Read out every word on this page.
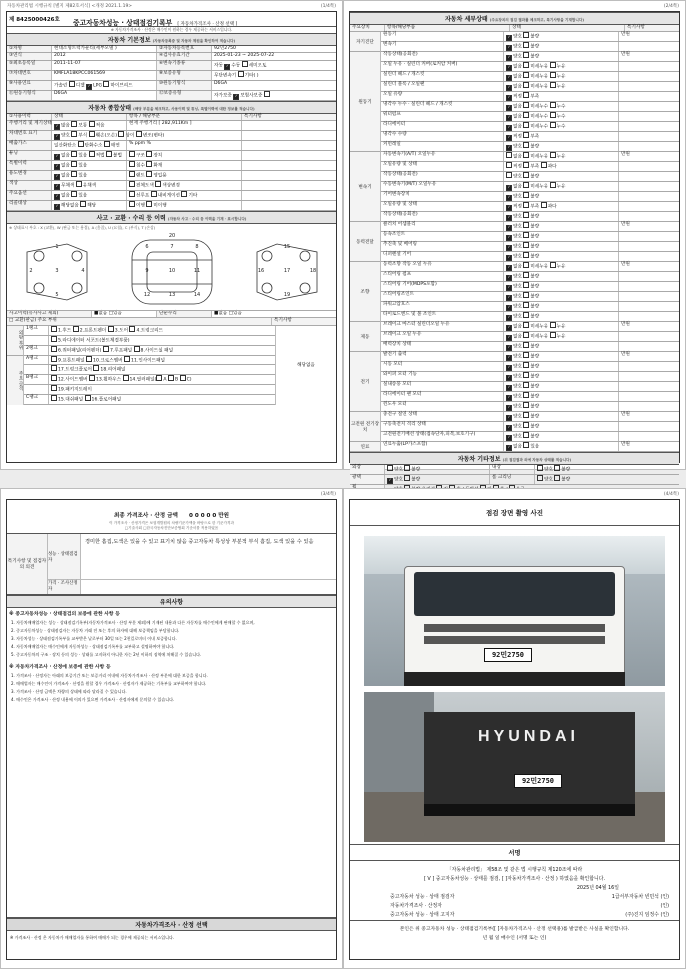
자동차관리법 시행규칙 [별지 제82호서식] <개정 2021.1.19>	(1/4쪽)
제 8425000426호	중고자동차성능 · 상태점검기록부 [ 자동차가격조사 · 산정 선택 ]
※ 자동차가격조사 · 산정은 매수인이 원하는 경우 제공하는 서비스입니다.
자동차 기본정보 (자동차등록증 및 자동차 제원을 확인하여 적습니다)
①차명	현대소형트럭카운티(세부모델 )	②자동차등록번호	92민2750
③연식	2012	④검사유효기간	2025-01-23 ~ 2025-07-22
⑤최초등록일	2011-11-07	⑥변속기종류	자동 ✓ 수동 세미오토
⑦차대번호	KMFLA18KPCC061569	⑧보증유형	무단변속기 기타( )
⑨사용연료	가솔린 디젤 ✓ LPG 하이브리드	⑩원동기형식	D6GA
⑪원동기형식	D6GA	⑫보증유형	자가보증 ✓ 보험사보증
자동차 종합상태 (해당 부분을 체크하고, 사용이력 및 튜닝, 특별이력에 대한 정보를 적습니다)
①사용이력	상태	항목 / 해당부분	특기사항
주행거리 및 계기상태	✓ 많음 보통 적음	현재 주행거리 [ 282,911Km ]
차대번호 표기	✓ 양호 부식 훼손(오손) 상이 변조(변타)
배출가스	일산화탄소 탄화수소 매연	% ppm %
튜닝	✓ 없음 있음 적법 불법	구조 장치
특별이력	✓ 없음 있음	침수 화재
용도변경	✓ 없음 있음	렌트 영업용
색상	✓ 무채색 유채색	전체도색 색상변경
주요옵션	✓ 없음 있음	선루프 내비게이션 기타
리콜대상	✓ 해당없음 해당	이행 미이행
사고 · 교환 · 수리 등 이력 (자동차 사고 · 수리 등 이력을 기재 · 표시합니다)
※ 상태표시 부호 : X (교환), W (판금 또는 용접), A (흠집), U (요철), C (부식), T (손상)
1
2	3	4
5
6	7	8
9	10	11
12	13	14
15
16	17	18
19
20
사고이력(유사사고 제외)	■없음 □있음	단순수리	■없음 □있음
□ 교환(판금) 주요 부위	특기사항
외판 부위
1랭크	1.후드 2.프론트펜더 3.도어 4.트렁크리드
5.라디에이터 서포트(볼트체결부품)
2랭크	6.쿼터패널(리어펜더) 7.루프패널 8.사이드실 패널
주요 골격
A랭크	9.프론트패널 10.크로스멤버 11.인사이드패널
17.트렁크플로어 18.리어패널
B랭크	12.사이드멤버 13.휠하우스 14.필러패널( A B C)
19.패키지트레이
C랭크	15.대쉬패널 16.플로어패널
해당없음
(2/4쪽)
자동차 세부상태 (주요장치의 점검 결과를 체크하고, 특기사항을 기재합니다)
주요장치	항목/해당부품	상태	특기사항
자기진단
원동기	✓ 양호 불량	만원
변속기	✓ 양호 불량
원동기
작동상태(공회전)	✓ 양호 불량	만원
오일 누유 · 실린더 커버(로커암 커버)	✓ 없음 미세누유 누유
실린더 헤드 / 개스킷	✓ 없음 미세누유 누유
실린더 블록 / 오일팬	✓ 없음 미세누유 누유
오일 유량	✓ 적정 부족
냉각수 누수 · 실린더 헤드 / 개스킷	✓ 없음 미세누수 누수
워터펌프	✓ 없음 미세누수 누수
라디에이터	✓ 없음 미세누수 누수
냉각수 수량	✓ 적정 부족
커먼레일	✓ 양호 불량
변속기
자동변속기(A/T) 오일누유	없음 미세누유 누유	만원
오일유량 및 상태	적정 부족 과다
작동상태(공회전)	양호 불량
수동변속기(M/T) 오일누유	✓ 없음 미세누유 누유
기어변속장치	✓ 양호 불량
오일유량 및 상태	✓ 적정 부족 과다
작동상태(공회전)	✓ 양호 불량
동력전달
클러치 어셈블리	✓ 양호 불량	만원
등속조인트	✓ 양호 불량
추진축 및 베어링	✓ 양호 불량
디퍼렌셜 기어	✓ 양호 불량
조향
동력조향 작동 오일 누유	✓ 없음 미세누유 누유	만원
스티어링 펌프	✓ 양호 불량
스티어링 기어(MDPS포함)	✓ 양호 불량
스티어링조인트	✓ 양호 불량
파워고압호스	✓ 양호 불량
타이로드엔드 및 볼 조인트	✓ 양호 불량
제동
브레이크 마스터 실린더오일 누유	✓ 없음 미세누유 누유	만원
브레이크 오일 누유	✓ 없음 미세누유 누유
배력장치 상태	✓ 양호 불량
전기
발전기 출력	✓ 양호 불량	만원
시동 모터	✓ 양호 불량
와이퍼 모터 기능	✓ 양호 불량
실내송풍 모터	✓ 양호 불량
라디에이터 팬 모터	✓ 양호 불량
윈도우 모터	✓ 양호 불량
고전원 전기장치
충전구 절연 상태	✓ 양호 불량	만원
구동축전지 격리 상태	✓ 양호 불량
고전원전기배선 상태(접속단자,피복,보호기구)	✓ 양호 불량
연료	연료누출(LP가스포함)	✓ 없음 있음	만원
자동차 기타정보 (위 점검결과 외에 자동차 상태를 적습니다)
외장	양호 불량	내장	양호 불량
광택	✓ 양호 불량	룸 크리닝	양호 불량
(3/4쪽)
최종 가격조사 · 산정 금액 0 0 0 0 0 만원
이 가격조사 · 산정가격은 보험개발원의 차량기준가액을 바탕으로 한 기준가격과
□기술사회 □한국자동차진단보증협회 기준서를 적용하였음
특기사항 및 점검자의 의견
성능 · 상태점검자
경미한 흠집,도색은 있을 수 있고 표기치 않음 중고자동차 특성상 부분적 부식 흠집, 도색 있을 수 있음
가격 · 조사산정자
유의사항
※ 중고자동차성능 · 상태점검의 보증에 관한 사항 등
1. 자동차매매업자는 성능 · 상태점검기록부(자동차가격조사 · 산정 부분 제외)에 기재된 내용과 다른 자동차를 매수인에게 판매할 수 없으며,
2. 중고자동차성능 · 상태점검자는 자동차 거래 전 또는 후의 하자에 대해 보증책임을 부담합니다.
3. 자동차성능 · 상태점검기록부를 교부받은 날로부터 30일 또는 2천킬로미터 이내 보증합니다.
4. 자동차매매업자는 매수인에게 자동차성능 · 상태점검기록부를 교부하고 설명하여야 합니다.
5. 중고자동차의 구조 · 장치 등의 성능 · 상태를 고지하지 아니한 자는 2년 이하의 징역에 처해질 수 있습니다.
※ 자동차가격조사 · 산정에 보증에 관한 사항 등
1. 가격조사 · 산정자는 아래의 보증기간 또는 보증거리 이내에 자동차가격조사 · 산정 부분에 대한 보증을 합니다.
2. 매매업자는 매수인이 가격조사 · 산정을 원할 경우 가격조사 · 산정자가 제공하는 기록부를 교부하여야 합니다.
3. 가격조사 · 산정 금액은 차량의 상태에 따라 달라질 수 있습니다.
4. 매수인은 가격조사 · 산정 내용에 이의가 있으면 가격조사 · 산정자에게 문의할 수 있습니다.
자동차가격조사 · 산정 선택
※ 가격조사 · 산정 은 자동차가 매매업자를 통하여 매매가 되는 경우에 제공되는 서비스입니다.
(4/4쪽)
점검 장면 촬영 사진
92민2750
HYUNDAI
92민2750
서명
「자동차관리법」 제58조 및 같은 법 시행규칙 제120조에 따라
[ V ] 중고자동차성능 · 상태를 점검, [ ]자동차가격조사 · 산정 ) 하였음을 확인합니다.
2025년 04월 16일
중고자동차 성능 · 상태 점검자	1급서부자동차 빈민석 (인)
자동차가격조사 · 산정자	(인)
중고자동차 성능 · 상태 고지자	(주)진지 임정수 (인)
본인은 위 중고자동차 성능 · 상태점검기록부([ ]자동차가격조사 · 산정 선택용)를 발급받은 사실을 확인합니다.
년 월 일 매수인 (서명 또는 인)
